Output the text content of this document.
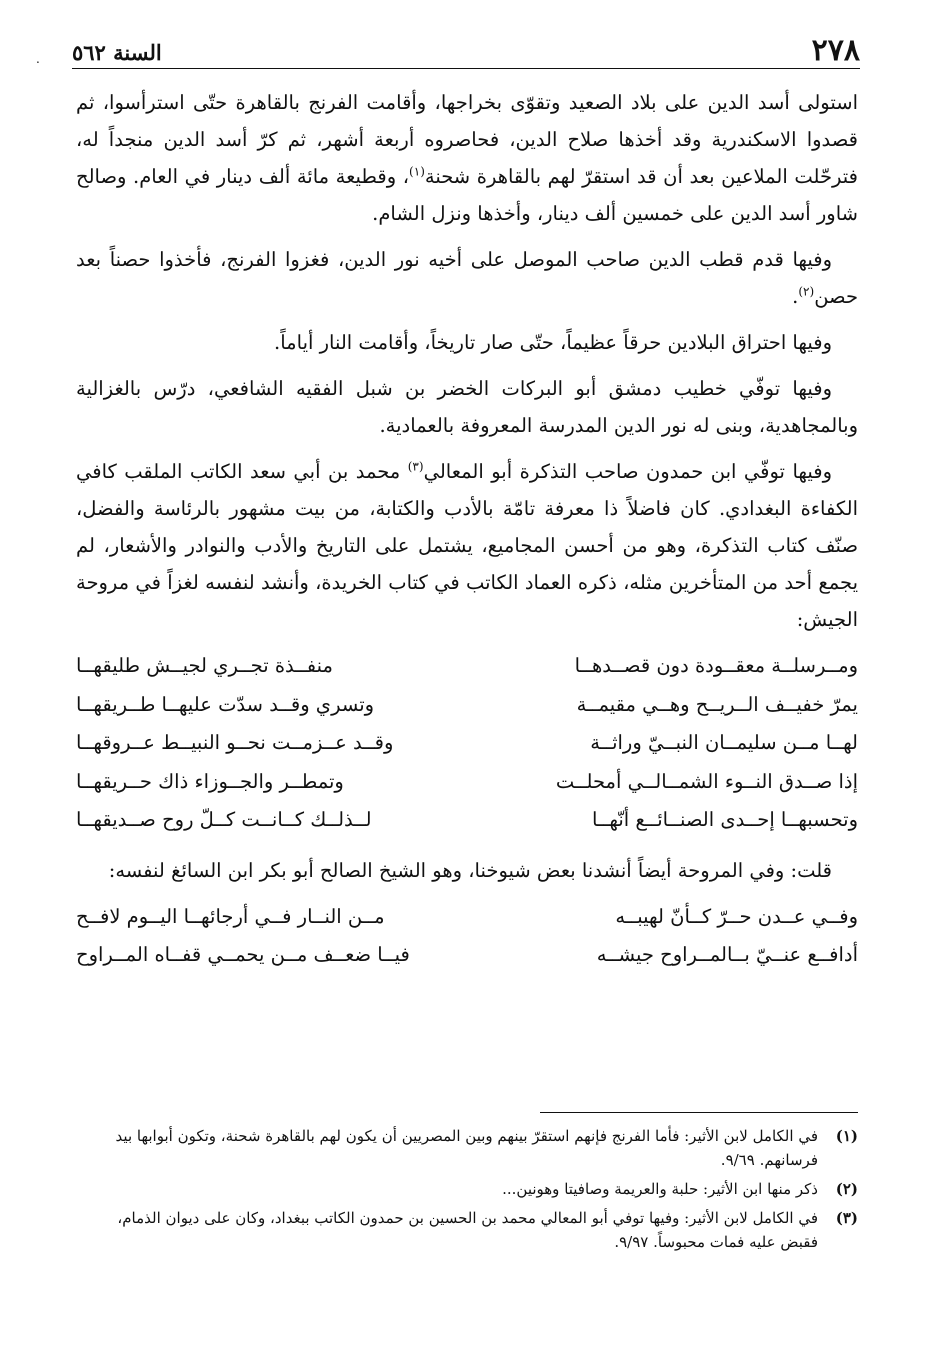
.	٢٧٨
السنة ٥٦٢

استولى أسد الدين على بلاد الصعيد وتقوّى بخراجها، وأقامت الفرنج بالقاهرة حتّى استرأسوا، ثم قصدوا الاسكندرية وقد أخذها صلاح الدين، فحاصروه أربعة أشهر، ثم كرّ أسد الدين منجداً له، فترحّلت الملاعين بعد أن قد استقرّ لهم بالقاهرة شحنة$^{(١)}$، وقطيعة مائة ألف دينار في العام. وصالح شاور أسد الدين على خمسين ألف دينار، وأخذها ونزل الشام.

وفيها قدم قطب الدين صاحب الموصل على أخيه نور الدين، فغزوا الفرنج، فأخذوا حصناً بعد حصن$^{(٢)}$.

وفيها احتراق البلادين حرقاً عظيماً، حتّى صار تاريخاً، وأقامت النار أياماً.

وفيها توفّي خطيب دمشق أبو البركات الخضر بن شبل الفقيه الشافعي، درّس بالغزالية وبالمجاهدية، وبنى له نور الدين المدرسة المعروفة بالعمادية.

وفيها توفّي ابن حمدون صاحب التذكرة أبو المعالي$^{(٣)}$ محمد بن أبي سعد الكاتب الملقب كافي الكفاءة البغدادي. كان فاضلاً ذا معرفة تامّة بالأدب والكتابة، من بيت مشهور بالرئاسة والفضل، صنّف كتاب التذكرة، وهو من أحسن المجاميع، يشتمل على التاريخ والأدب والنوادر والأشعار، لم يجمع أحد من المتأخرين مثله، ذكره العماد الكاتب في كتاب الخريدة، وأنشد لنفسه لغزاً في مروحة الجيش:

ومــرسلــة معقــودة دون قصــدهــا
منفــذة تجــري لجيــش طليقهــا
يمرّ خفيــف الــريــح وهــي مقيمــة
وتسري وقــد سدّت عليهــا طــريقهــا
لهــا مــن سليمــان النبــيّ وراثــة
وقــد عــزمــت نحــو النبيــط عــروقهــا
إذا صــدق النــوء الشمــالــي أمحلــت
وتمطــر والجــوزاء ذاك حــريقهــا
وتحسبهــا إحــدى الصنــائــع أنّهــا
لــذلــك كــانــت كــلّ روح صــديقهــا

قلت: وفي المروحة أيضاً أنشدنا بعض شيوخنا، وهو الشيخ الصالح أبو بكر ابن السائغ لنفسه:

وفــي عــدن حــرّ كــأنّ لهيبــه
مــن النــار فــي أرجائهــا اليــوم لافــح
أدافــع عنــيّ بــالمــراوح جيشــه
فيــا ضعــف مــن يحمــي قفــاه المــراوح
(١)
في الكامل لابن الأثير: فأما الفرنج فإنهم استقرّ بينهم وبين المصريين أن يكون لهم بالقاهرة شحنة، وتكون أبوابها بيد فرسانهم. ٩/٦٩.
(٢)
ذكر منها ابن الأثير: حلبة والعريمة وصافيتا وهونين...
(٣)
في الكامل لابن الأثير: وفيها توفي أبو المعالي محمد بن الحسين بن حمدون الكاتب ببغداد، وكان على ديوان الذمام، فقبض عليه فمات محبوساً. ٩/٩٧.
